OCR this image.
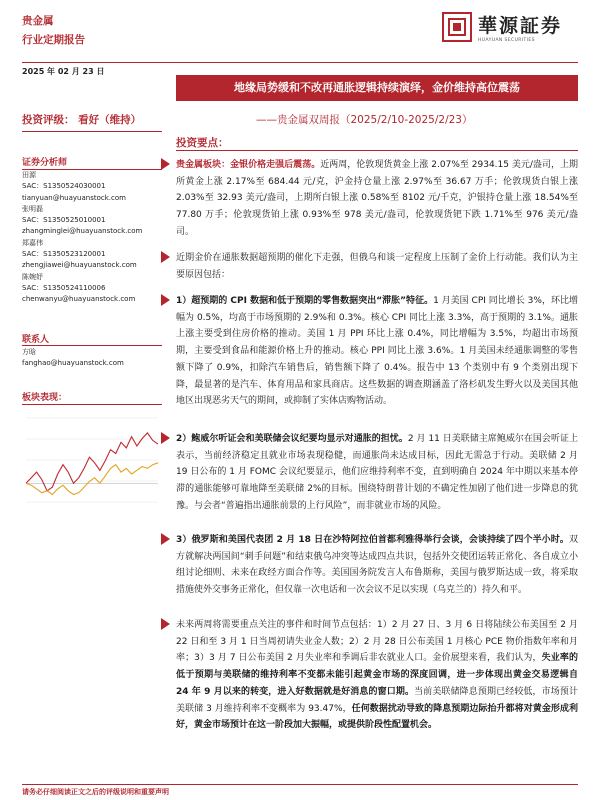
贵金属
行业定期报告
華源証券
HUAYUAN SECURITIES
2025 年 02 月 23 日
地缘局势缓和不改再通胀逻辑持续演绎，金价维持高位震荡
投资评级： 看好（维持）	——贵金属双周报（2025/2/10-2025/2/23）
投资要点：
证券分析师
田源
SAC：S1350524030001
tianyuan@huayuanstock.com
张明磊
SAC：S1350525010001
zhangminglei@huayuanstock.com
郑嘉伟
SAC：S1350523120001
zhengjiawei@huayuanstock.com
陈婉妤
SAC：S1350524110006
chenwanyu@huayuanstock.com
联系人
方晗
fanghao@huayuanstock.com
板块表现：
贵金属板块：金银价格走强后震荡。近两周，伦敦现货黄金上涨 2.07%至 2934.15 美元/盎司，上期所黄金上涨 2.17%至 684.44 元/克，沪金持仓量上涨 2.97%至 36.67 万手；伦敦现货白银上涨 2.03%至 32.93 美元/盎司，上期所白银上涨 0.58%至 8102 元/千克，沪银持仓量上涨 18.54%至 77.80 万手；伦敦现货铂上涨 0.93%至 978 美元/盎司，伦敦现货钯下跌 1.71%至 976 美元/盎司。
近期金价在通胀数据超预期的催化下走强，但俄乌和谈一定程度上压制了金价上行动能。我们认为主要原因包括：
1）超预期的 CPI 数据和低于预期的零售数据突出“滞胀”特征。1 月美国 CPI 同比增长 3%，环比增幅为 0.5%，均高于市场预期的 2.9%和 0.3%。核心 CPI 同比上涨 3.3%，高于预期的 3.1%。通胀上涨主要受到住房价格的推动。美国 1 月 PPI 环比上涨 0.4%，同比增幅为 3.5%，均超出市场预期，主要受到食品和能源价格上升的推动。核心 PPI 同比上涨 3.6%。1 月美国未经通胀调整的零售额下降了 0.9%，扣除汽车销售后，销售额下降了 0.4%。报告中 13 个类别中有 9 个类别出现下降，最显著的是汽车、体育用品和家具商店。这些数据的调查期涵盖了洛杉矶发生野火以及美国其他地区出现恶劣天气的期间，或抑制了实体店购物活动。
2）鲍威尔听证会和美联储会议纪要均显示对通胀的担忧。2 月 11 日美联储主席鲍威尔在国会听证上表示，当前经济稳定且就业市场表现稳健，而通胀尚未达成目标，因此无需急于行动。美联储 2 月 19 日公布的 1 月 FOMC 会议纪要显示，他们应维持利率不变，直到明确自 2024 年中期以来基本停滞的通胀能够可靠地降至美联储 2%的目标。围绕特朗普计划的不确定性加剧了他们进一步降息的犹豫。与会者“普遍指出通胀前景的上行风险”，而非就业市场的风险。
3）俄罗斯和美国代表团 2 月 18 日在沙特阿拉伯首都利雅得举行会谈，会谈持续了四个半小时。双方就解决两国间“刺手问题”和结束俄乌冲突等达成四点共识，包括外交使团运转正常化、各自成立小组讨论细则、未来在政经方面合作等。美国国务院发言人布鲁斯称，美国与俄罗斯达成一致，将采取措施使外交事务正常化，但仅靠一次电话和一次会议不足以实现（乌克兰的）持久和平。
未来两周将需要重点关注的事件和时间节点包括：1）2 月 27 日、3 月 6 日将陆续公布美国至 2 月 22 日和至 3 月 1 日当周初请失业金人数；2）2 月 28 日公布美国 1 月核心 PCE 物价指数年率和月率；3）3 月 7 日公布美国 2 月失业率和季调后非农就业人口。金价展望来看，我们认为，失业率的低于预期与美联储的维持利率不变都未能引起黄金市场的深度回调，进一步体现出黄金交易逻辑自 24 年 9 月以来的转变，进入好数据就是好消息的窗口期。当前美联储降息预期已经较低，市场预计美联储 3 月维持利率不变概率为 93.47%，任何数据扰动导致的降息预期边际抬升都将对黄金形成利好，黄金市场预计在这一阶段加大振幅，或提供阶段性配置机会。
请务必仔细阅读正文之后的评级说明和重要声明
